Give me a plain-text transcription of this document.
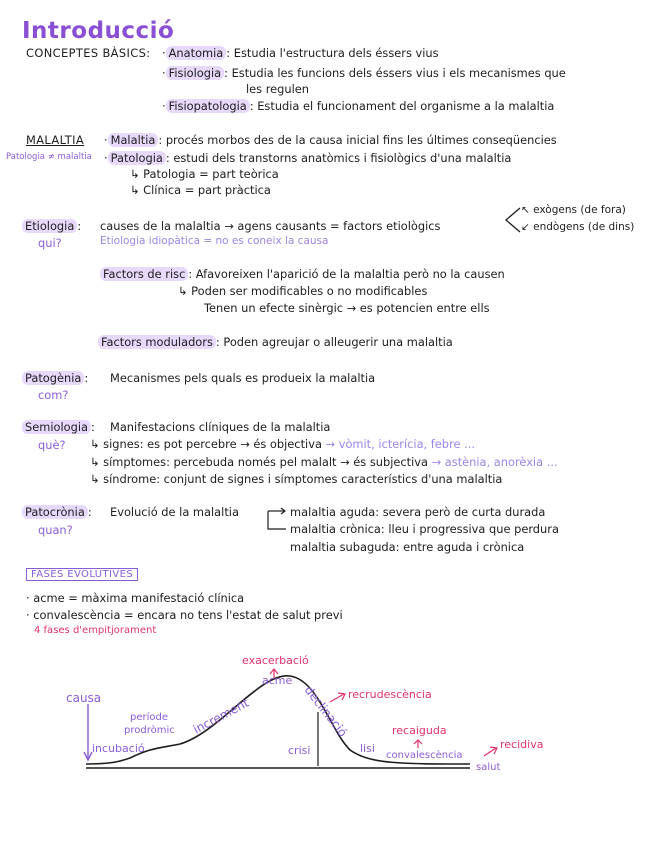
Introducció
CONCEPTES BÀSICS: · Anatomia : Estudia l'estructura dels éssers vius
· Fisiologia : Estudia les funcions dels éssers vius i els mecanismes que
les regulen
· Fisiopatologia : Estudia el funcionament del organisme a la malaltia
MALALTIA
Patologia ≠ malaltia
· Malaltia : procés morbos des de la causa inicial fins les últimes conseqüencies
· Patologia : estudi dels transtorns anatòmics i fisiològics d'una malaltia
↳ Patologia = part teòrica
↳ Clínica = part pràctica
Etiologia :
qui?
causes de la malaltia → agens causants = factors etiològics
↖ exògens (de fora)
↙ endògens (de dins)
Etiologia idiopàtica = no es coneix la causa
Factors de risc : Afavoreixen l'aparició de la malaltia però no la causen
↳ Poden ser modificables o no modificables
Tenen un efecte sinèrgic → es potencien entre ells
Factors moduladors : Poden agreujar o alleugerir una malaltia
Patogènia : Mecanismes pels quals es produeix la malaltia
com?
Semiologia : Manifestacions clíniques de la malaltia
què? ↳ signes: es pot percebre → és objectiva → vòmit, icterícia, febre ...
↳ símptomes: percebuda només pel malalt → és subjectiva → astènia, anorèxia ...
↳ síndrome: conjunt de signes i símptomes característics d'una malaltia
Patocrònia : Evolució de la malaltia
quan?
malaltia aguda: severa però de curta durada
malaltia crònica: lleu i progressiva que perdura
malaltia subaguda: entre aguda i crònica
FASES EVOLUTIVES
· acme = màxima manifestació clínica
· convalescència = encara no tens l'estat de salut previ
4 fases d'empitjorament
causa
incubació
període
prodròmic increment
acme
exacerbació
declinació
recrudescència
crisi	lisi
recaiguda
convalescència
recidiva
salut
